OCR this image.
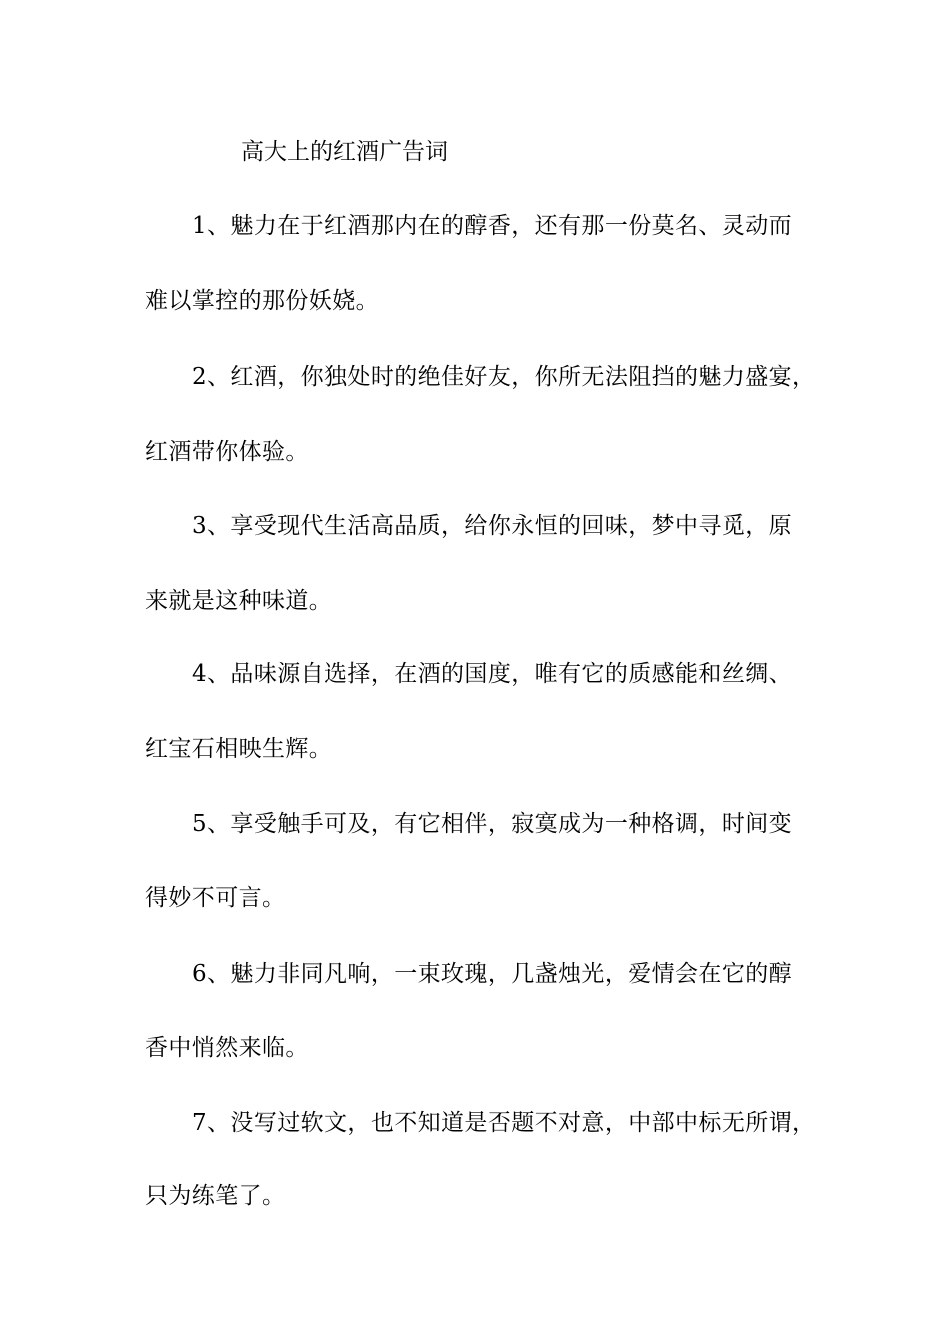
高大上的红酒广告词
1、魅力在于红酒那内在的醇香，还有那一份莫名、灵动而
难以掌控的那份妖娆。
2、红酒，你独处时的绝佳好友，你所无法阻挡的魅力盛宴，
红酒带你体验。
3、享受现代生活高品质，给你永恒的回味，梦中寻觅，原
来就是这种味道。
4、品味源自选择，在酒的国度，唯有它的质感能和丝绸、
红宝石相映生辉。
5、享受触手可及，有它相伴，寂寞成为一种格调，时间变
得妙不可言。
6、魅力非同凡响，一束玫瑰，几盏烛光，爱情会在它的醇
香中悄然来临。
7、没写过软文，也不知道是否题不对意，中部中标无所谓，
只为练笔了。
